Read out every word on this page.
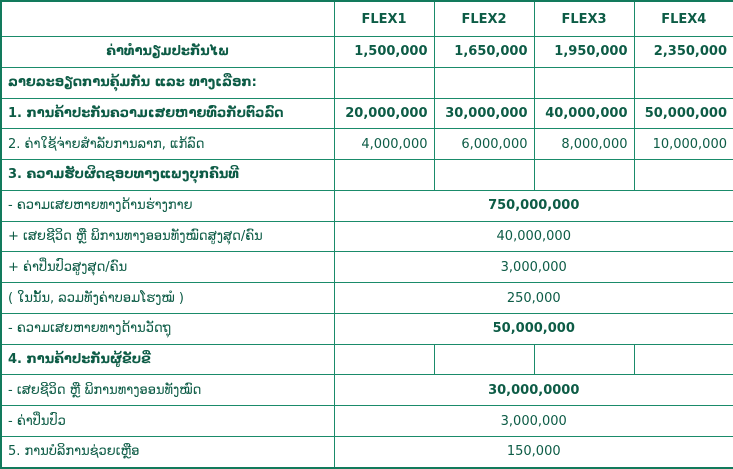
	FLEX1	FLEX2	FLEX3	FLEX4
ຄ່າທຳນຽມປະກັນໄພ	1,500,000	1,650,000	1,950,000	2,350,000
ລາຍລະອຽດການຄຸ້ມກັນ ແລະ ທາງເລືອກ:				
1. ການຄ້າປະກັນຄວາມເສຍຫາຍທົ່ວກັບຕົວລົດ	20,000,000	30,000,000	40,000,000	50,000,000
2. ຄ່າໃຊ້ຈ່າຍສຳລັບການລາກ, ແກ້ລົດ	4,000,000	6,000,000	8,000,000	10,000,000
3. ຄວາມຮັບຜິດຊອບທາງແພງບຸກຄົນທີ				
- ຄວາມເສຍຫາຍທາງດ້ານຮ່າງກາຍ	750,000,000			
+ ເສຍຊີວິດ ຫຼື ພິການທາງອອນທັງໝົດສູງສຸດ/ຄົນ	40,000,000			
+ ຄ່າປິ່ນປົວສູງສຸດ/ຄົນ	3,000,000			
( ໃນນັ້ນ, ລວມທັງຄ່າບອມໂຮງໝໍ )	250,000			
- ຄວາມເສຍຫາຍທາງດ້ານວັດຖຸ	50,000,000			
4. ການຄ້າປະກັນຜູ້ຂັບຂີ່				
- ເສຍຊີວິດ ຫຼື ພິການທາງອອນທັງໝົດ	30,000,0000			
- ຄ່າປິ່ນປົວ	3,000,000			
5. ການບໍລິການຊ່ວຍເຫຼືອ	150,000			
